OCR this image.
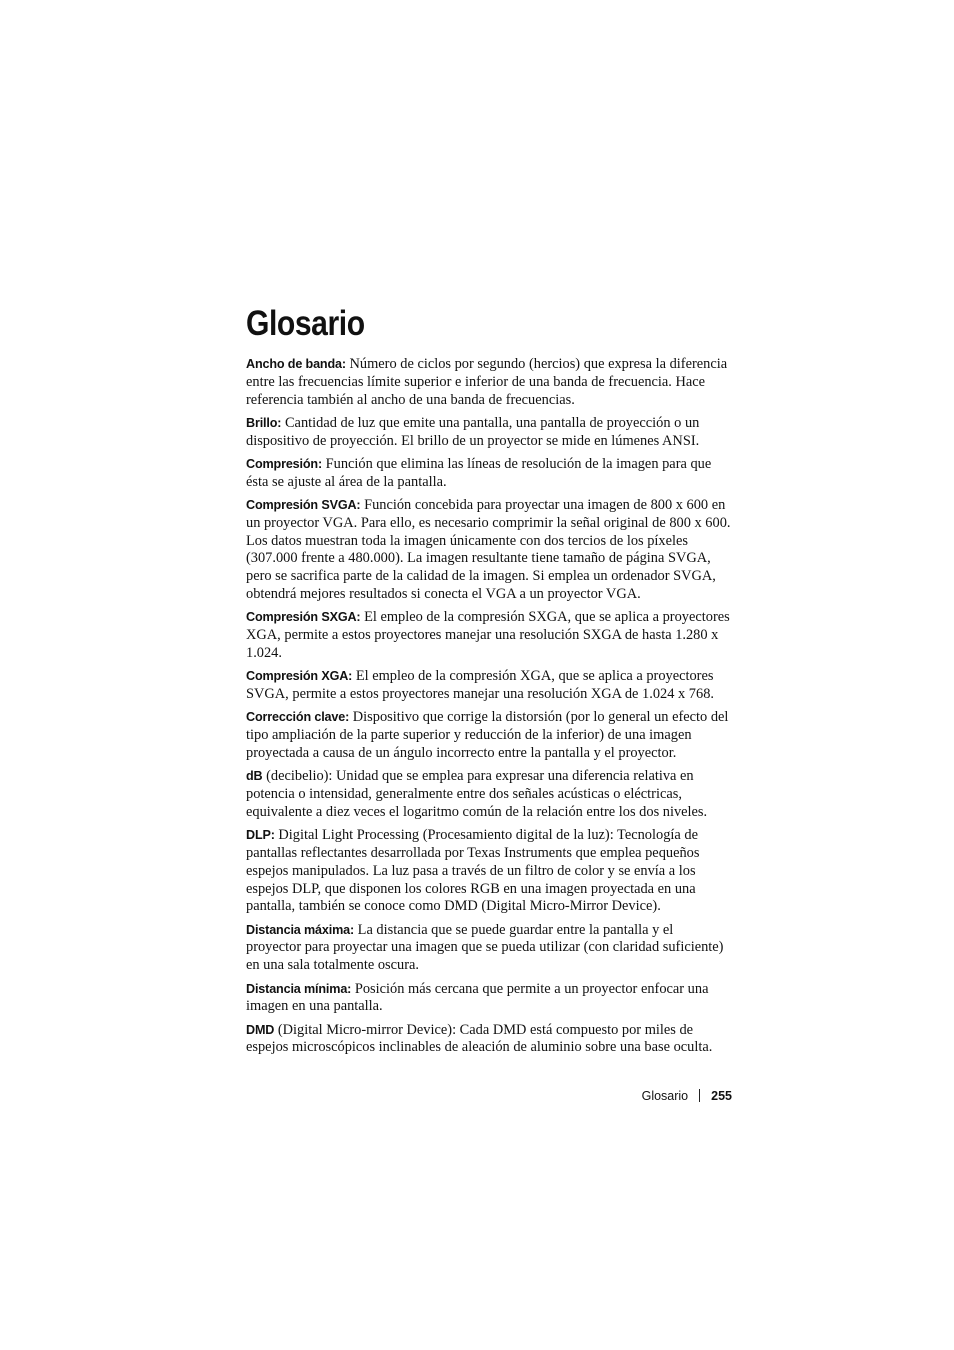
Glosario

Ancho de banda: Número de ciclos por segundo (hercios) que expresa la diferencia entre las frecuencias límite superior e inferior de una banda de frecuencia. Hace referencia también al ancho de una banda de frecuencias.

Brillo: Cantidad de luz que emite una pantalla, una pantalla de proyección o un dispositivo de proyección. El brillo de un proyector se mide en lúmenes ANSI.

Compresión: Función que elimina las líneas de resolución de la imagen para que ésta se ajuste al área de la pantalla.

Compresión SVGA: Función concebida para proyectar una imagen de 800 x 600 en un proyector VGA. Para ello, es necesario comprimir la señal original de 800 x 600. Los datos muestran toda la imagen únicamente con dos tercios de los píxeles (307.000 frente a 480.000). La imagen resultante tiene tamaño de página SVGA, pero se sacrifica parte de la calidad de la imagen. Si emplea un ordenador SVGA, obtendrá mejores resultados si conecta el VGA a un proyector VGA.

Compresión SXGA: El empleo de la compresión SXGA, que se aplica a proyectores XGA, permite a estos proyectores manejar una resolución SXGA de hasta 1.280 x 1.024.

Compresión XGA: El empleo de la compresión XGA, que se aplica a proyectores SVGA, permite a estos proyectores manejar una resolución XGA de 1.024 x 768.

Corrección clave: Dispositivo que corrige la distorsión (por lo general un efecto del tipo ampliación de la parte superior y reducción de la inferior) de una imagen proyectada a causa de un ángulo incorrecto entre la pantalla y el proyector.

dB (decibelio): Unidad que se emplea para expresar una diferencia relativa en potencia o intensidad, generalmente entre dos señales acústicas o eléctricas, equivalente a diez veces el logaritmo común de la relación entre los dos niveles.

DLP: Digital Light Processing (Procesamiento digital de la luz): Tecnología de pantallas reflectantes desarrollada por Texas Instruments que emplea pequeños espejos manipulados. La luz pasa a través de un filtro de color y se envía a los espejos DLP, que disponen los colores RGB en una imagen proyectada en una pantalla, también se conoce como DMD (Digital Micro-Mirror Device).

Distancia máxima: La distancia que se puede guardar entre la pantalla y el proyector para proyectar una imagen que se pueda utilizar (con claridad suficiente) en una sala totalmente oscura.

Distancia mínima: Posición más cercana que permite a un proyector enfocar una imagen en una pantalla.

DMD (Digital Micro-mirror Device): Cada DMD está compuesto por miles de espejos microscópicos inclinables de aleación de aluminio sobre una base oculta.

Glosario 255
